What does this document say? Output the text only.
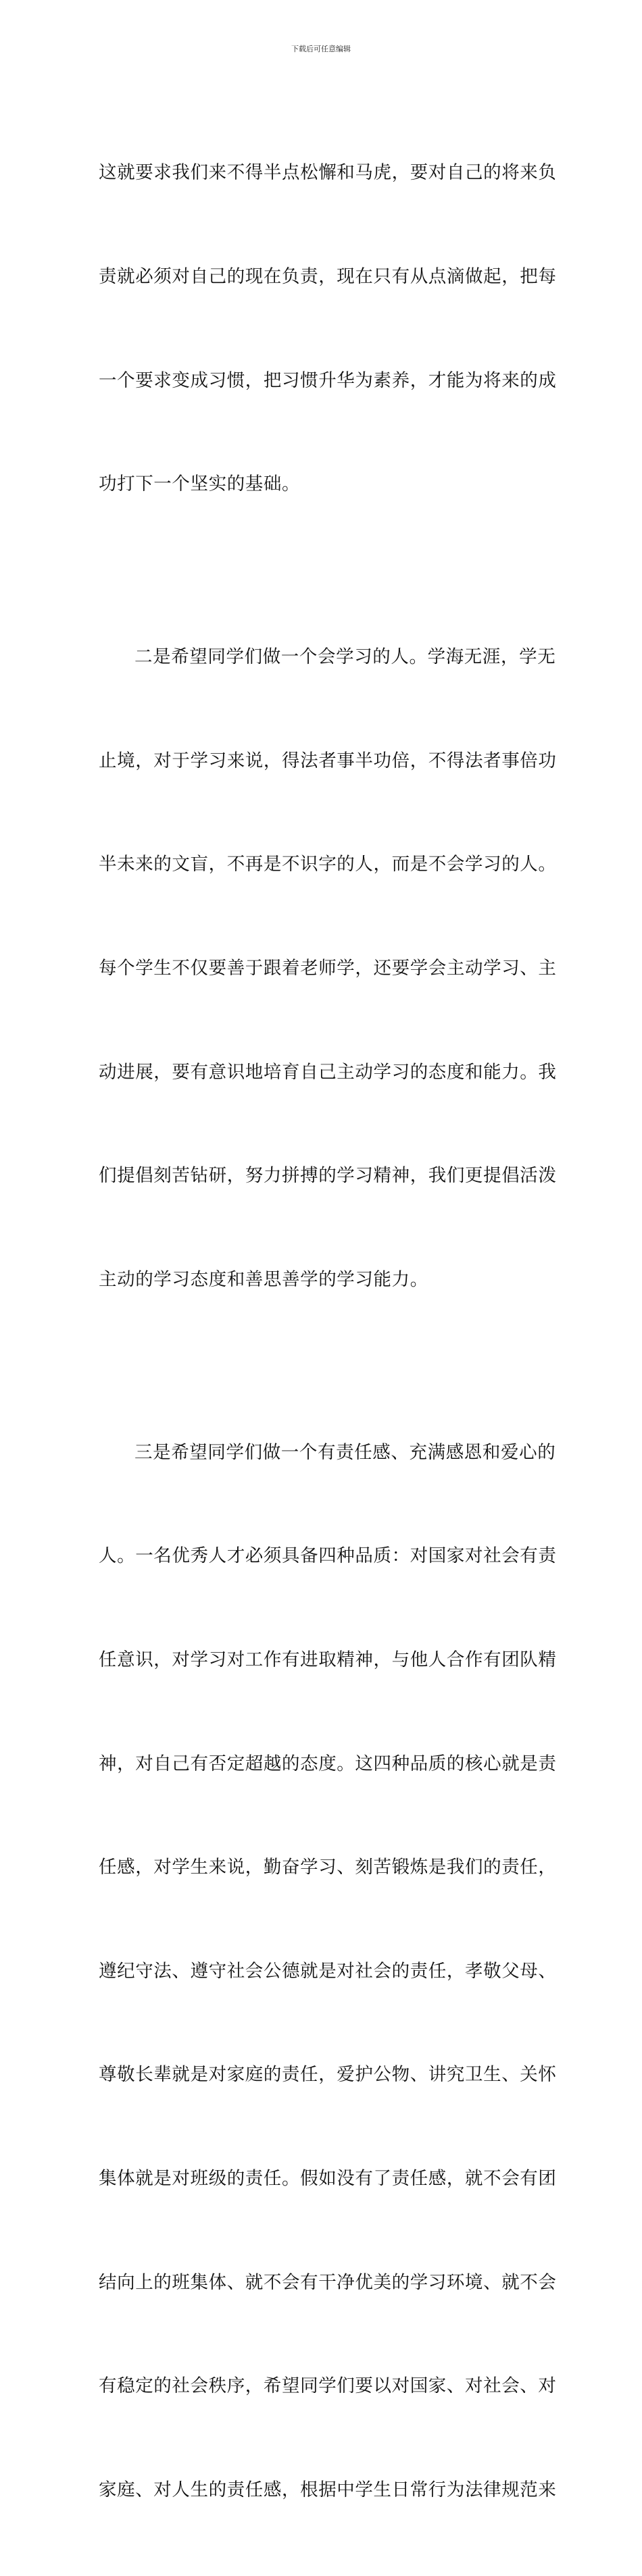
下载后可任意编辑

这就要求我们来不得半点松懈和马虎，要对自己的将来负

责就必须对自己的现在负责，现在只有从点滴做起，把每

一个要求变成习惯，把习惯升华为素养，才能为将来的成

功打下一个坚实的基础。

二是希望同学们做一个会学习的人。学海无涯，学无

止境，对于学习来说，得法者事半功倍，不得法者事倍功

半未来的文盲，不再是不识字的人，而是不会学习的人。

每个学生不仅要善于跟着老师学，还要学会主动学习、主

动进展，要有意识地培育自己主动学习的态度和能力。我

们提倡刻苦钻研，努力拼搏的学习精神，我们更提倡活泼

主动的学习态度和善思善学的学习能力。

三是希望同学们做一个有责任感、充满感恩和爱心的

人。一名优秀人才必须具备四种品质：对国家对社会有责

任意识，对学习对工作有进取精神，与他人合作有团队精

神，对自己有否定超越的态度。这四种品质的核心就是责

任感，对学生来说，勤奋学习、刻苦锻炼是我们的责任，

遵纪守法、遵守社会公德就是对社会的责任，孝敬父母、

尊敬长辈就是对家庭的责任，爱护公物、讲究卫生、关怀

集体就是对班级的责任。假如没有了责任感，就不会有团

结向上的班集体、就不会有干净优美的学习环境、就不会

有稳定的社会秩序，希望同学们要以对国家、对社会、对

家庭、对人生的责任感，根据中学生日常行为法律规范来
